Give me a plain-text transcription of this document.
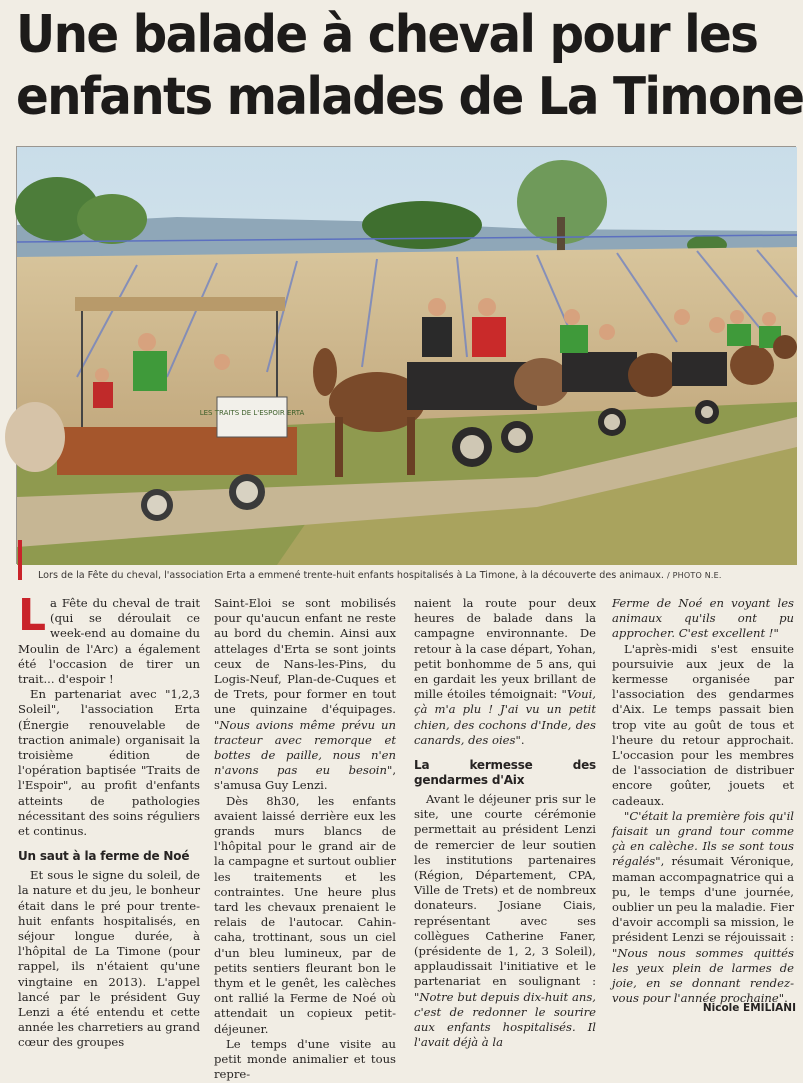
Une balade à cheval pour les
enfants malades de La Timone
LES TRAITS DE L'ESPOIR ERTA
Lors de la Fête du cheval, l'association Erta a emmené trente-huit enfants hospitalisés à La Timone, à la découverte des animaux. / PHOTO N.E.

La Fête du cheval de trait (qui se déroulait ce week-end au domaine du Moulin de l'Arc) a également été l'occasion de tirer un trait... d'espoir !

En partenariat avec "1,2,3 Soleil", l'association Erta (Énergie renouvelable de traction animale) organisait la troisième édition de l'opération baptisée "Traits de l'Espoir", au profit d'enfants atteints de pathologies nécessitant des soins réguliers et continus.

Un saut à la ferme de Noé

Et sous le signe du soleil, de la nature et du jeu, le bonheur était dans le pré pour trente-huit enfants hospitalisés, en séjour longue durée, à l'hôpital de La Timone (pour rappel, ils n'étaient qu'une vingtaine en 2013). L'appel lancé par le président Guy Lenzi a été entendu et cette année les charretiers au grand cœur des groupes

Saint-Eloi se sont mobilisés pour qu'aucun enfant ne reste au bord du chemin. Ainsi aux attelages d'Erta se sont joints ceux de Nans-les-Pins, du Logis-Neuf, Plan-de-Cuques et de Trets, pour former en tout une quinzaine d'équipages. "Nous avions même prévu un tracteur avec remorque et bottes de paille, nous n'en n'avons pas eu besoin", s'amusa Guy Lenzi.

Dès 8h30, les enfants avaient laissé derrière eux les grands murs blancs de l'hôpital pour le grand air de la campagne et surtout oublier les traitements et les contraintes. Une heure plus tard les chevaux prenaient le relais de l'autocar. Cahin-caha, trottinant, sous un ciel d'un bleu lumineux, par de petits sentiers fleurant bon le thym et le genêt, les calèches ont rallié la Ferme de Noé où attendait un copieux petit-déjeuner.

Le temps d'une visite au petit monde animalier et tous repre-

naient la route pour deux heures de balade dans la campagne environnante. De retour à la case départ, Yohan, petit bonhomme de 5 ans, qui en gardait les yeux brillant de mille étoiles témoignait: "Voui, çà m'a plu ! J'ai vu un petit chien, des cochons d'Inde, des canards, des oies".

La kermesse des gendarmes d'Aix

Avant le déjeuner pris sur le site, une courte cérémonie permettait au président Lenzi de remercier de leur soutien les institutions partenaires (Région, Département, CPA, Ville de Trets) et de nombreux donateurs. Josiane Ciais, représentant avec ses collègues Catherine Faner, (présidente de 1, 2, 3 Soleil), applaudissait l'initiative et le partenariat en soulignant : "Notre but depuis dix-huit ans, c'est de redonner le sourire aux enfants hospitalisés. Il l'avait déjà à la

Ferme de Noé en voyant les animaux qu'ils ont pu approcher. C'est excellent !"

L'après-midi s'est ensuite poursuivie aux jeux de la kermesse organisée par l'association des gendarmes d'Aix. Le temps passait bien trop vite au goût de tous et l'heure du retour approchait. L'occasion pour les membres de l'association de distribuer encore goûter, jouets et cadeaux.

"C'était la première fois qu'il faisait un grand tour comme çà en calèche. Ils se sont tous régalés", résumait Véronique, maman accompagnatrice qui a pu, le temps d'une journée, oublier un peu la maladie. Fier d'avoir accompli sa mission, le président Lenzi se réjouissait : "Nous nous sommes quittés les yeux plein de larmes de joie, en se donnant rendez-vous pour l'année prochaine".

Nicole EMILIANI
